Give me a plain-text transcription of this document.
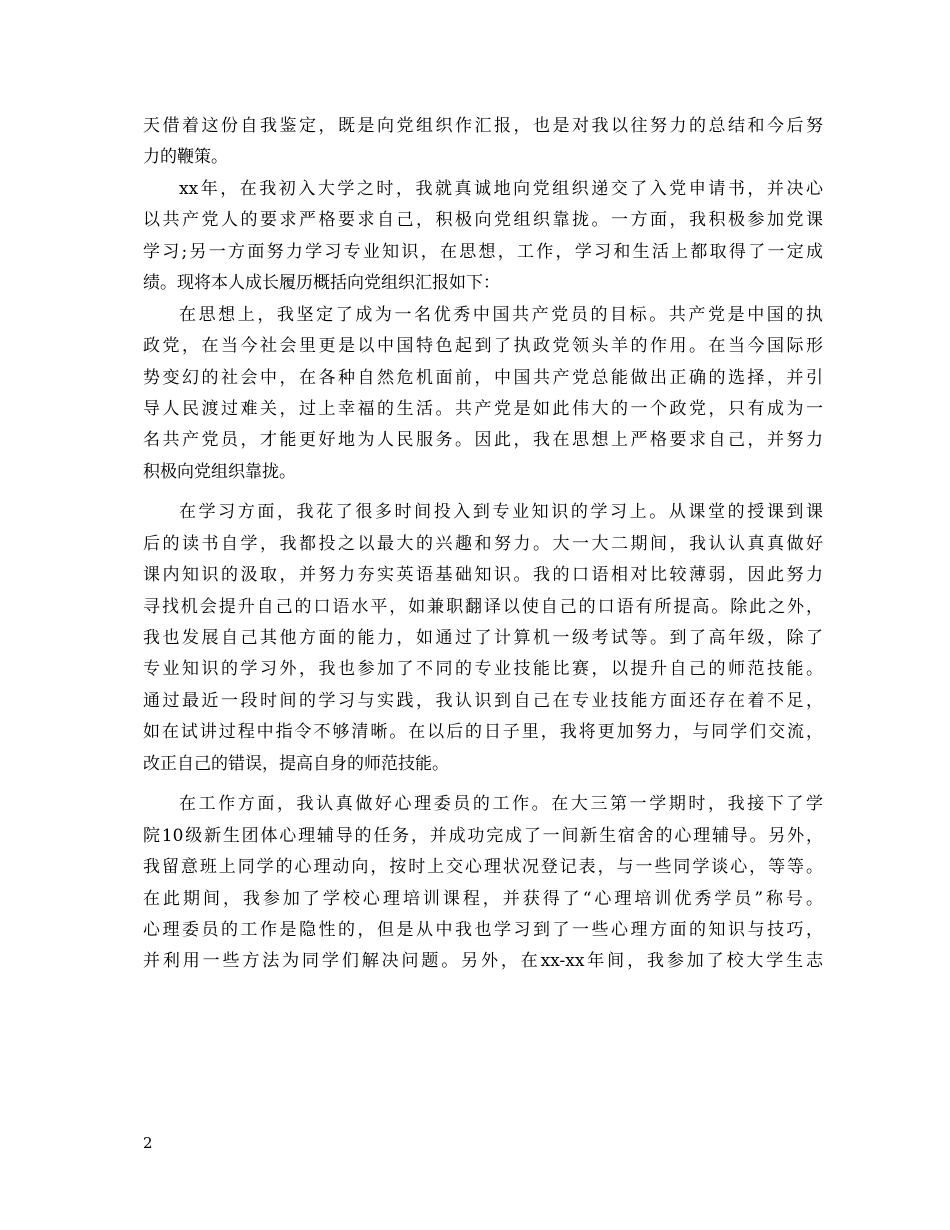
天借着这份自我鉴定，既是向党组织作汇报，也是对我以往努力的总结和今后努
力的鞭策。
xx年，在我初入大学之时，我就真诚地向党组织递交了入党申请书，并决心
以共产党人的要求严格要求自己，积极向党组织靠拢。一方面，我积极参加党课
学习;另一方面努力学习专业知识，在思想，工作，学习和生活上都取得了一定成
绩。现将本人成长履历概括向党组织汇报如下：
在思想上，我坚定了成为一名优秀中国共产党员的目标。共产党是中国的执
政党，在当今社会里更是以中国特色起到了执政党领头羊的作用。在当今国际形
势变幻的社会中，在各种自然危机面前，中国共产党总能做出正确的选择，并引
导人民渡过难关，过上幸福的生活。共产党是如此伟大的一个政党，只有成为一
名共产党员，才能更好地为人民服务。因此，我在思想上严格要求自己，并努力
积极向党组织靠拢。
在学习方面，我花了很多时间投入到专业知识的学习上。从课堂的授课到课
后的读书自学，我都投之以最大的兴趣和努力。大一大二期间，我认认真真做好
课内知识的汲取，并努力夯实英语基础知识。我的口语相对比较薄弱，因此努力
寻找机会提升自己的口语水平，如兼职翻译以使自己的口语有所提高。除此之外，
我也发展自己其他方面的能力，如通过了计算机一级考试等。到了高年级，除了
专业知识的学习外，我也参加了不同的专业技能比赛，以提升自己的师范技能。
通过最近一段时间的学习与实践，我认识到自己在专业技能方面还存在着不足，
如在试讲过程中指令不够清晰。在以后的日子里，我将更加努力，与同学们交流，
改正自己的错误，提高自身的师范技能。
在工作方面，我认真做好心理委员的工作。在大三第一学期时，我接下了学
院10级新生团体心理辅导的任务，并成功完成了一间新生宿舍的心理辅导。另外，
我留意班上同学的心理动向，按时上交心理状况登记表，与一些同学谈心，等等。
在此期间，我参加了学校心理培训课程，并获得了“心理培训优秀学员”称号。
心理委员的工作是隐性的，但是从中我也学习到了一些心理方面的知识与技巧，
并利用一些方法为同学们解决问题。另外，在xx-xx年间，我参加了校大学生志
2
